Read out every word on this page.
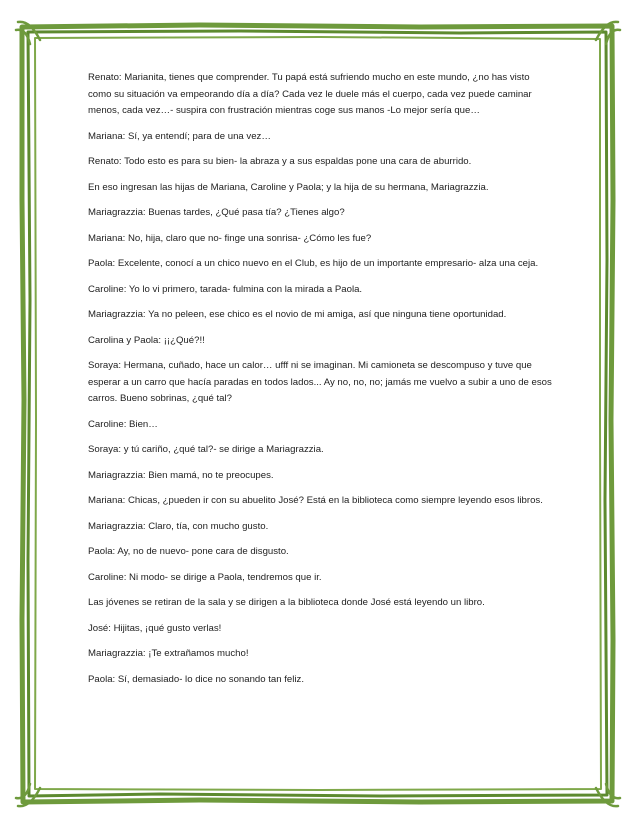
Renato: Marianita, tienes que comprender. Tu papá está sufriendo mucho en este mundo, ¿no has visto como su situación va empeorando día a día? Cada vez le duele más el cuerpo, cada vez puede caminar menos, cada vez…- suspira con frustración mientras coge sus manos -Lo mejor sería que…

Mariana: Sí, ya entendí; para de una vez…

Renato: Todo esto es para su bien- la abraza y a sus espaldas pone una cara de aburrido.

En eso ingresan las hijas de Mariana, Caroline y Paola; y la hija de su hermana, Mariagrazzia.

Mariagrazzia: Buenas tardes, ¿Qué pasa tía? ¿Tienes algo?

Mariana: No, hija, claro que no- finge una sonrisa- ¿Cómo les fue?

Paola: Excelente, conocí a un chico nuevo en el Club, es hijo de un importante empresario- alza una ceja.

Caroline: Yo lo vi primero, tarada- fulmina con la mirada a Paola.

Mariagrazzia: Ya no peleen, ese chico es el novio de mi amiga, así que ninguna tiene oportunidad.

Carolina y Paola: ¡¡¿Qué?!!

Soraya: Hermana, cuñado, hace un calor… ufff ni se imaginan. Mi camioneta se descompuso y tuve que esperar a un carro que hacía paradas en todos lados... Ay no, no, no; jamás me vuelvo a subir a uno de esos carros. Bueno sobrinas, ¿qué tal?

Caroline: Bien…

Soraya: y tú cariño, ¿qué tal?- se dirige a Mariagrazzia.

Mariagrazzia: Bien mamá, no te preocupes.

Mariana: Chicas, ¿pueden ir con su abuelito José? Está en la biblioteca como siempre leyendo esos libros.

Mariagrazzia: Claro, tía, con mucho gusto.

Paola: Ay, no de nuevo- pone cara de disgusto.

Caroline: Ni modo- se dirige a Paola, tendremos que ir.

Las jóvenes se retiran de la sala y se dirigen a la biblioteca donde José está leyendo un libro.

José: Hijitas, ¡qué gusto verlas!

Mariagrazzia: ¡Te extrañamos mucho!

Paola: Sí, demasiado- lo dice no sonando tan feliz.
